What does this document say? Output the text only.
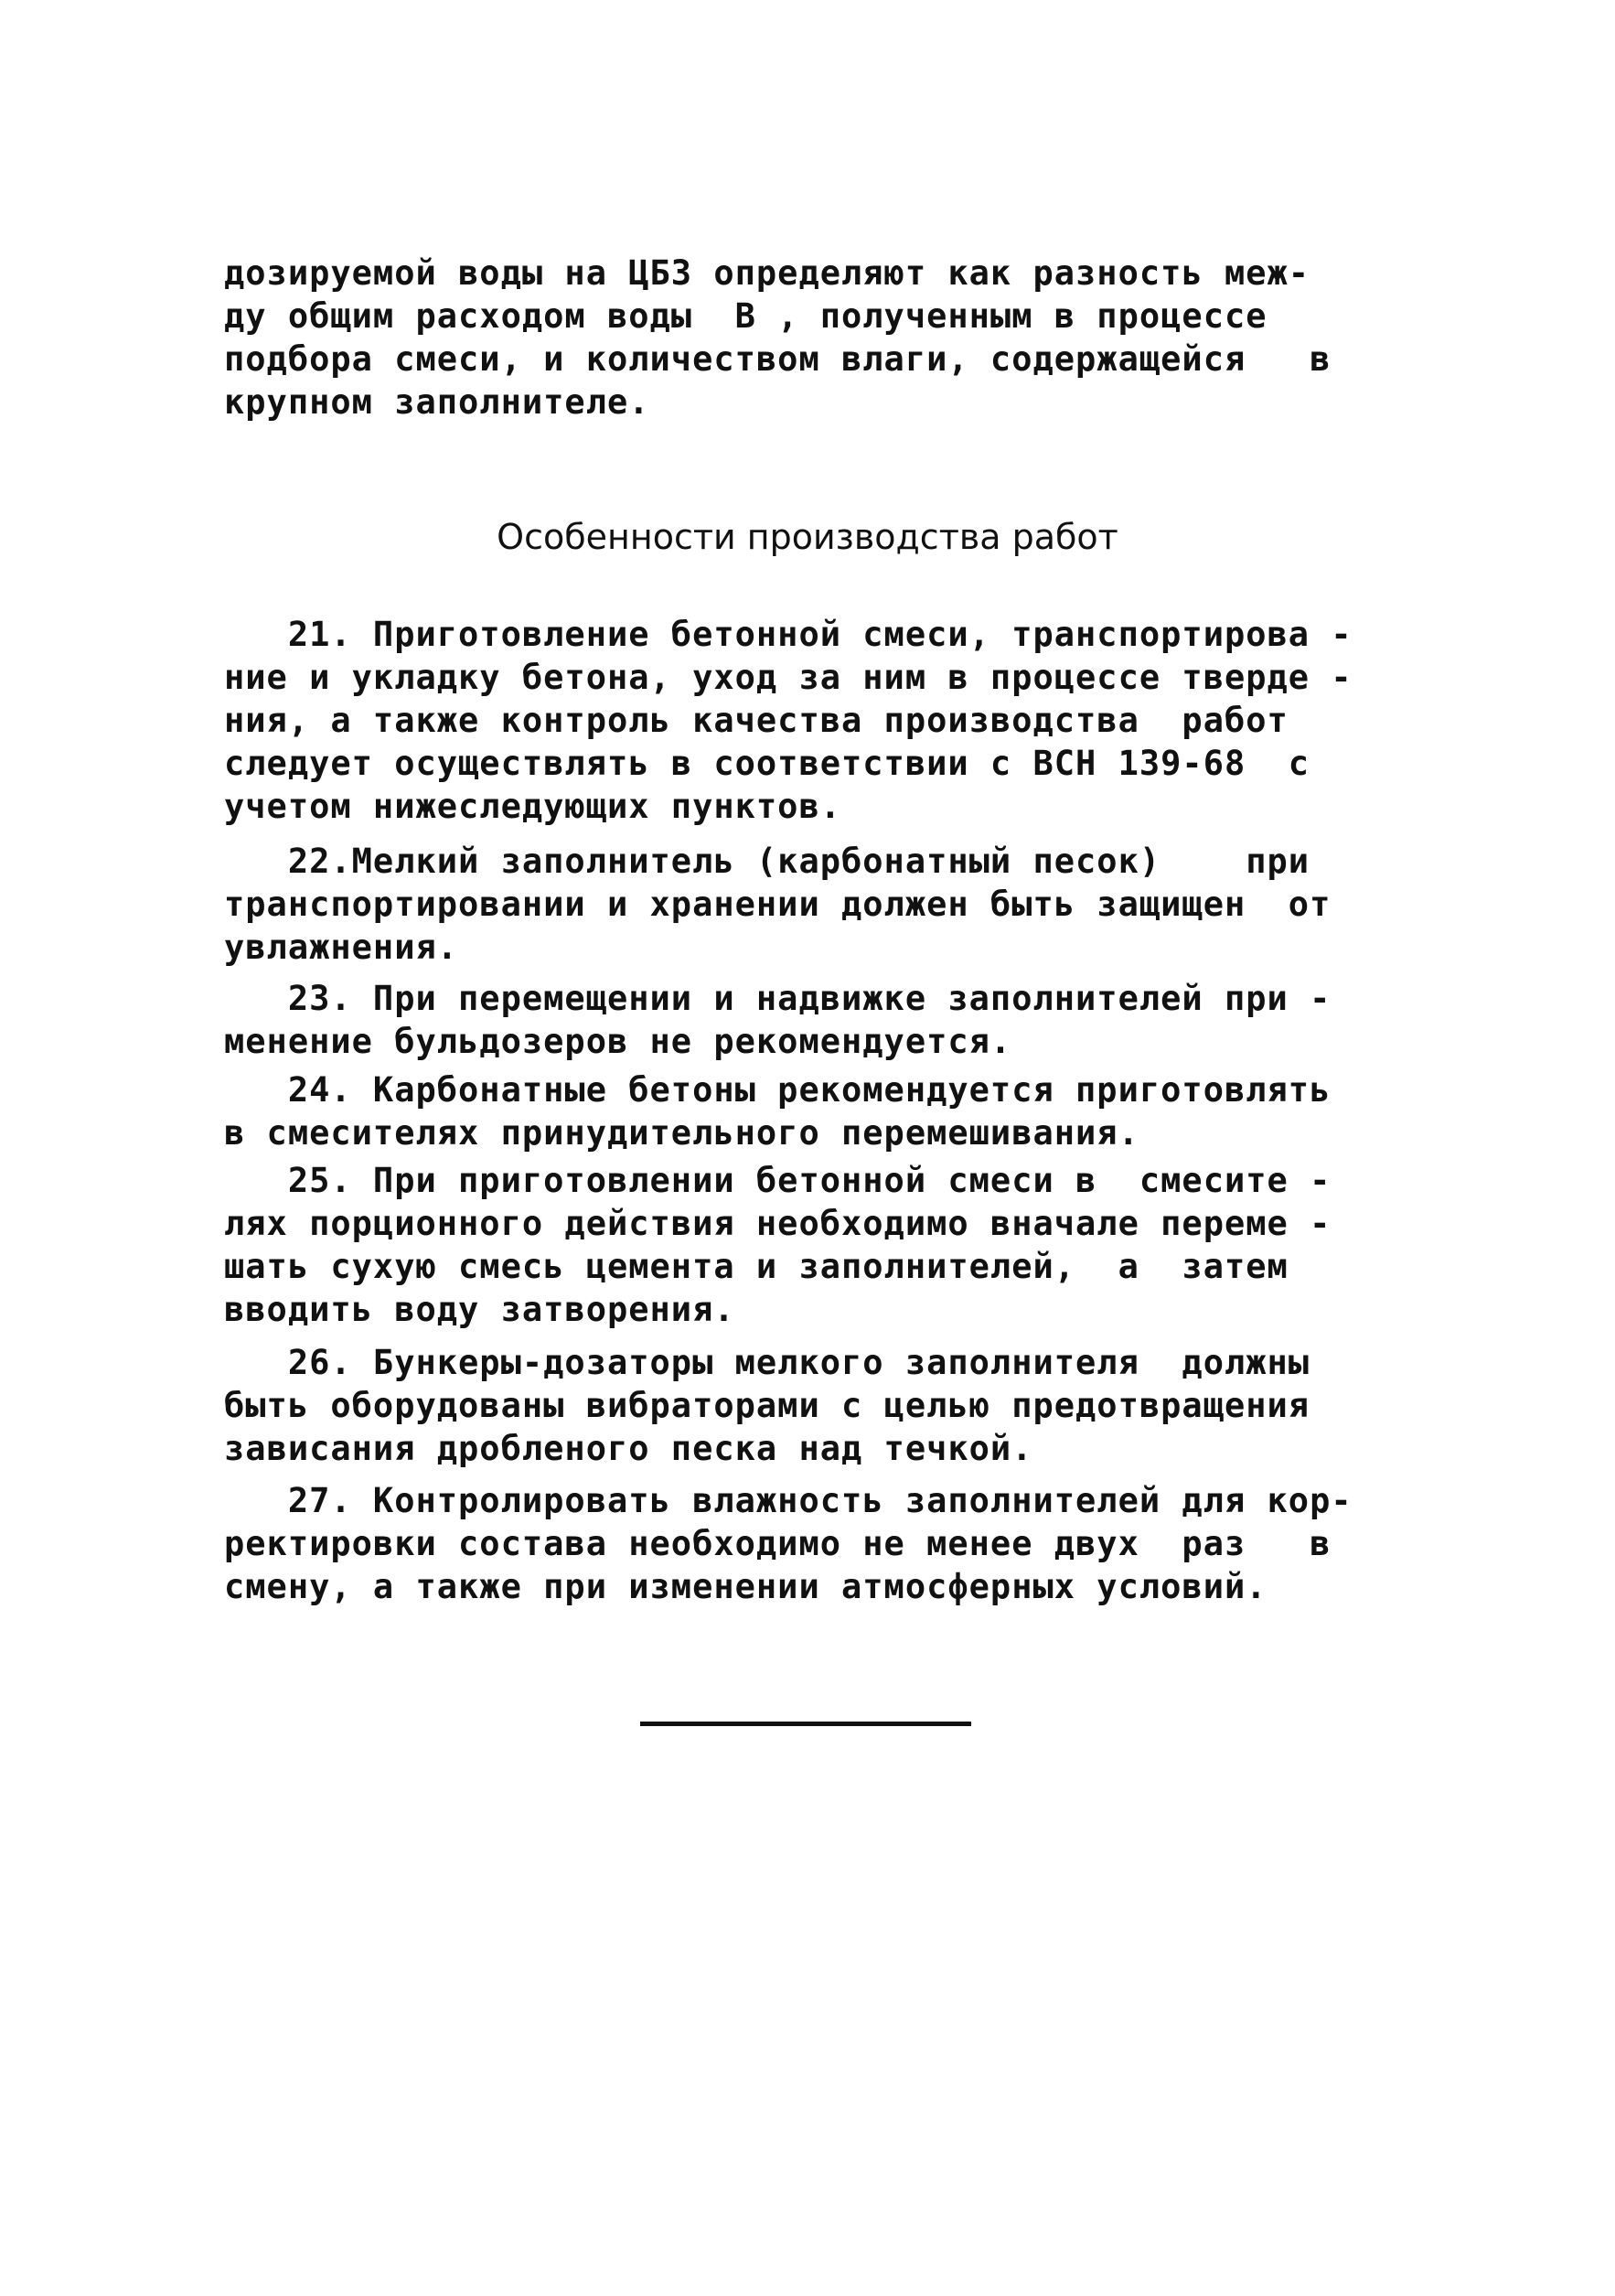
дозируемой воды на ЦБЗ определяют как разность меж-
ду общим расходом воды  В , полученным в процессе
подбора смеси, и количеством влаги, содержащейся   в
крупном заполнителе.
Особенности производства работ
21. Приготовление бетонной смеси, транспортирова -
ние и укладку бетона, уход за ним в процессе тверде -
ния, а также контроль качества производства  работ
следует осуществлять в соответствии с ВСН 139-68  с
учетом нижеследующих пунктов.
22.Мелкий заполнитель (карбонатный песок)    при
транспортировании и хранении должен быть защищен  от
увлажнения.
23. При перемещении и надвижке заполнителей при -
менение бульдозеров не рекомендуется.
24. Карбонатные бетоны рекомендуется приготовлять
в смесителях принудительного перемешивания.
25. При приготовлении бетонной смеси в  смесите -
лях порционного действия необходимо вначале переме -
шать сухую смесь цемента и заполнителей,  а  затем
вводить воду затворения.
26. Бункеры-дозаторы мелкого заполнителя  должны
быть оборудованы вибраторами с целью предотвращения
зависания дробленого песка над течкой.
27. Контролировать влажность заполнителей для кор-
ректировки состава необходимо не менее двух  раз   в
смену, а также при изменении атмосферных условий.
